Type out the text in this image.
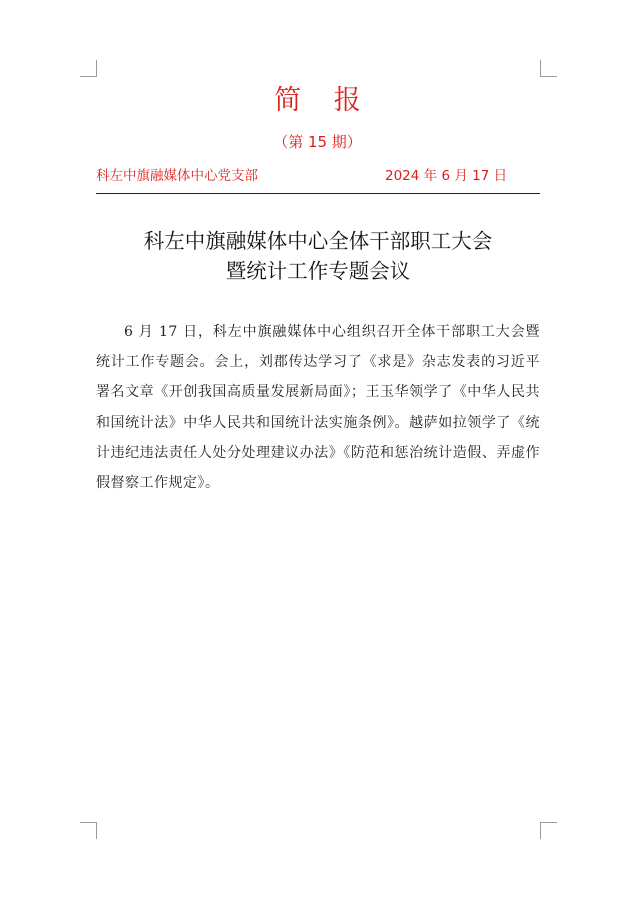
简 报
（第 15 期）
科左中旗融媒体中心党支部	2024 年 6 月 17 日
科左中旗融媒体中心全体干部职工大会
暨统计工作专题会议
6 月 17 日，科左中旗融媒体中心组织召开全体干部职工大会暨统计工作专题会。会上，刘郡传达学习了《求是》杂志发表的习近平署名文章《开创我国高质量发展新局面》；王玉华领学了《中华人民共和国统计法》中华人民共和国统计法实施条例》。越萨如拉领学了《统计违纪违法责任人处分处理建议办法》《防范和惩治统计造假、弄虚作假督察工作规定》。
